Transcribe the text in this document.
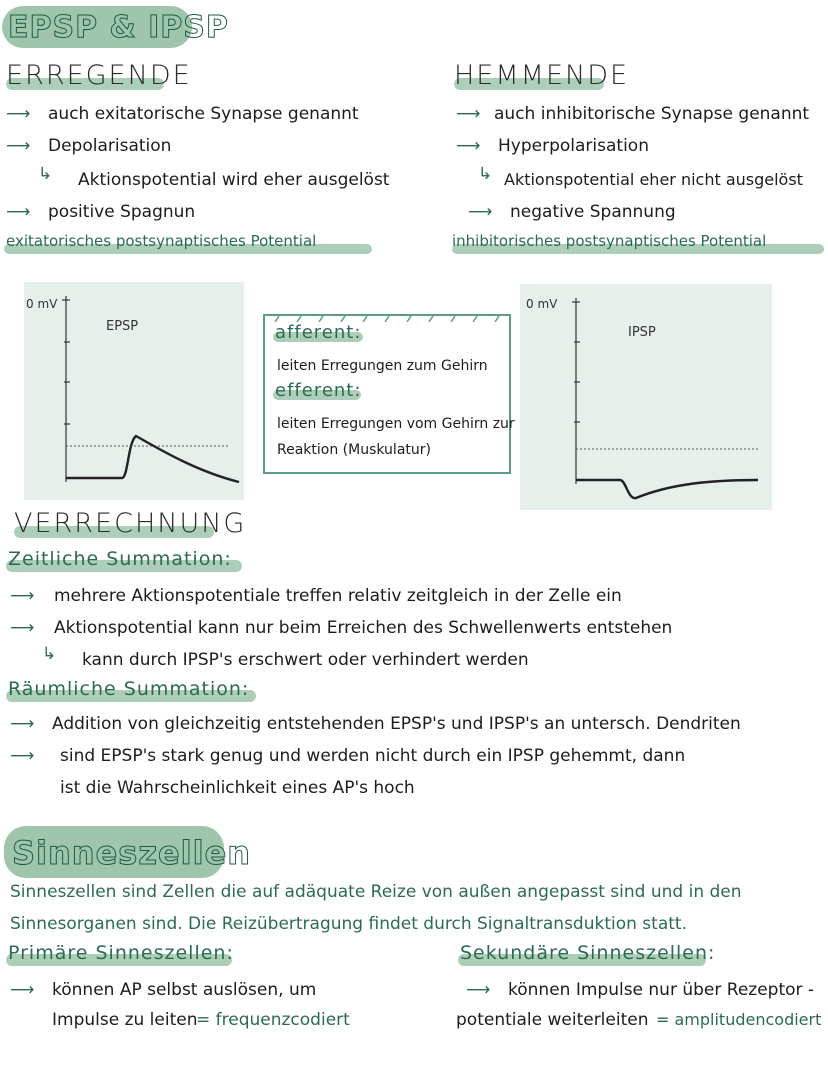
EPSP & IPSP
ERREGENDE
⟶ auch exitatorische Synapse genannt
⟶ Depolarisation
↳ Aktionspotential wird eher ausgelöst
⟶ positive Spagnun
exitatorisches postsynaptisches Potential
HEMMENDE
⟶ auch inhibitorische Synapse genannt
⟶ Hyperpolarisation
↳ Aktionspotential eher nicht ausgelöst
⟶ negative Spannung
inhibitorisches postsynaptisches Potential
0 mV
EPSP	afferent:
leiten Erregungen zum Gehirn
efferent:
leiten Erregungen vom Gehirn zur
Reaktion (Muskulatur)
0 mV
IPSP
VERRECHNUNG
Zeitliche Summation:
⟶ mehrere Aktionspotentiale treffen relativ zeitgleich in der Zelle ein
⟶ Aktionspotential kann nur beim Erreichen des Schwellenwerts entstehen
↳ kann durch IPSP's erschwert oder verhindert werden
Räumliche Summation:
⟶ Addition von gleichzeitig entstehenden EPSP's und IPSP's an untersch. Dendriten
⟶ sind EPSP's stark genug und werden nicht durch ein IPSP gehemmt, dann
ist die Wahrscheinlichkeit eines AP's hoch
Sinneszellen
Sinneszellen sind Zellen die auf adäquate Reize von außen angepasst sind und in den
Sinnesorganen sind. Die Reizübertragung findet durch Signaltransduktion statt.
Primäre Sinneszellen:
⟶ können AP selbst auslösen, um
Impulse zu leiten
= frequenzcodiert
Sekundäre Sinneszellen:
⟶ können Impulse nur über Rezeptor -
potentiale weiterleiten = amplitudencodiert
